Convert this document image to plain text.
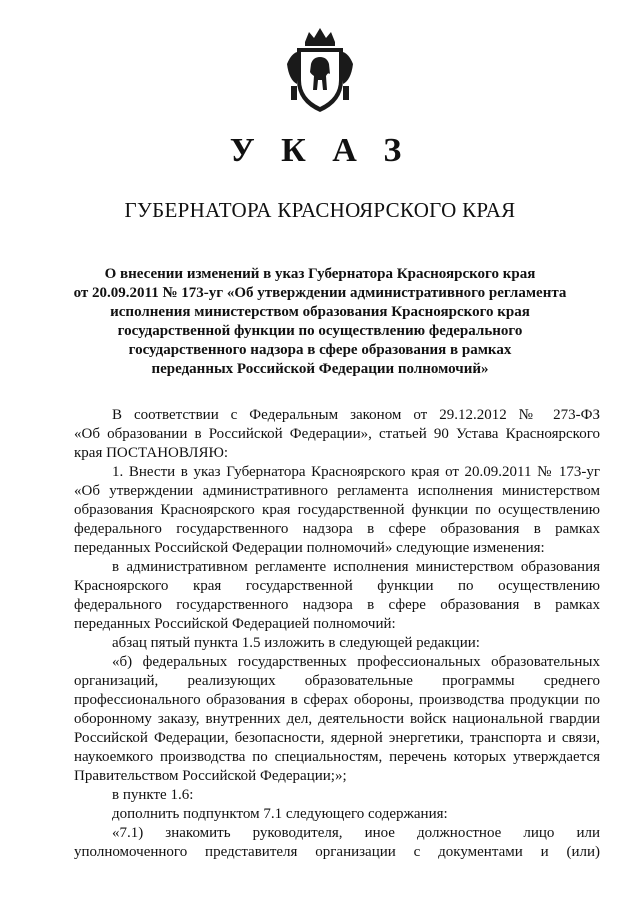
У К А З
ГУБЕРНАТОРА КРАСНОЯРСКОГО КРАЯ
О внесении изменений в указ Губернатора Красноярского края
от 20.09.2011 № 173-уг «Об утверждении административного регламента
исполнения министерством образования Красноярского края
государственной функции по осуществлению федерального
государственного надзора в сфере образования в рамках
переданных Российской Федерации полномочий»
В соответствии с Федеральным законом от 29.12.2012 № 273-ФЗ
«Об образовании в Российской Федерации», статьей 90 Устава Красноярского
края ПОСТАНОВЛЯЮ:
1. Внести в указ Губернатора Красноярского края от 20.09.2011 № 173-уг
«Об утверждении административного регламента исполнения министерством
образования Красноярского края государственной функции по осуществлению
федерального государственного надзора в сфере образования в рамках
переданных Российской Федерации полномочий» следующие изменения:
в административном регламенте исполнения министерством образования
Красноярского края государственной функции по осуществлению
федерального государственного надзора в сфере образования в рамках
переданных Российской Федерацией полномочий:
абзац пятый пункта 1.5 изложить в следующей редакции:
«б) федеральных государственных профессиональных образовательных
организаций, реализующих образовательные программы среднего
профессионального образования в сферах обороны, производства продукции по
оборонному заказу, внутренних дел, деятельности войск национальной гвардии
Российской Федерации, безопасности, ядерной энергетики, транспорта и связи,
наукоемкого производства по специальностям, перечень которых утверждается
Правительством Российской Федерации;»;
в пункте 1.6:
дополнить подпунктом 7.1 следующего содержания:
«7.1) знакомить руководителя, иное должностное лицо или
уполномоченного представителя организации с документами и (или)
